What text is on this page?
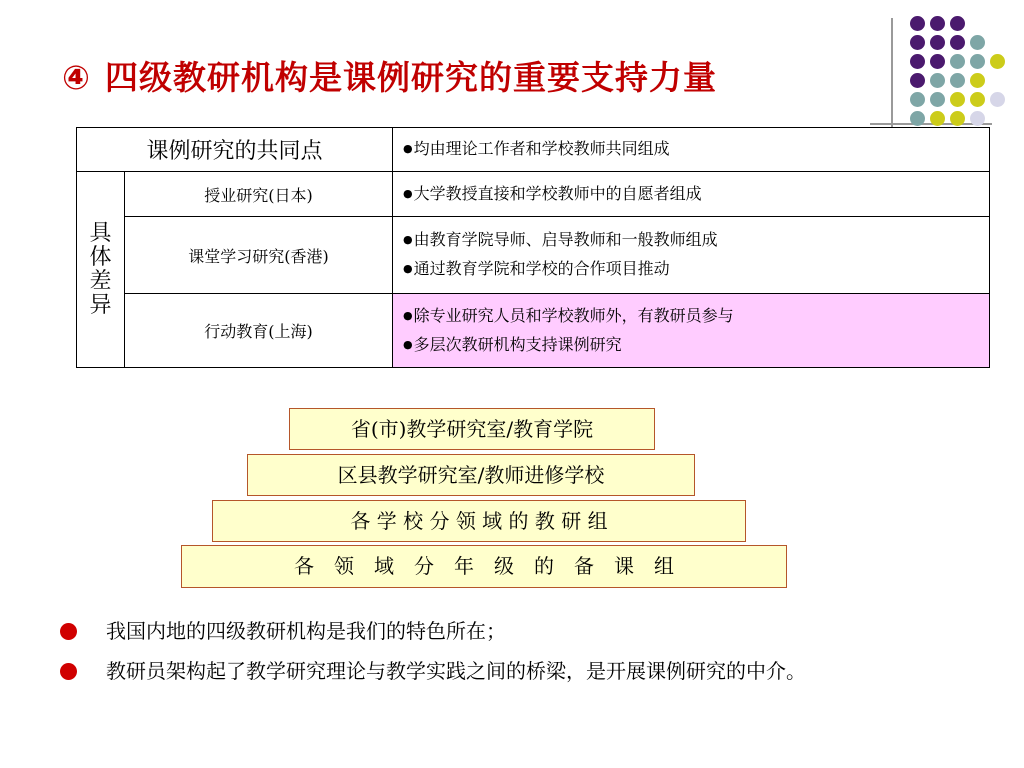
④ 四级教研机构是课例研究的重要支持力量
课例研究的共同点		●均由理论工作者和学校教师共同组成

具
体
差
异	授业研究(日本)	●大学教授直接和学校教师中的自愿者组成

	课堂学习研究(香港)	●由教育学院导师、启导教师和一般教师组成
●通过教育学院和学校的合作项目推动

	行动教育(上海)	●除专业研究人员和学校教师外，有教研员参与
●多层次教研机构支持课例研究
省(市)教学研究室/教育学院
区县教学研究室/教师进修学校
各 学 校 分 领 域 的 教 研 组
各　领　域　分　年　级　的　备　课　组
我国内地的四级教研机构是我们的特色所在；
教研员架构起了教学研究理论与教学实践之间的桥梁，是开展课例研究的中介。
